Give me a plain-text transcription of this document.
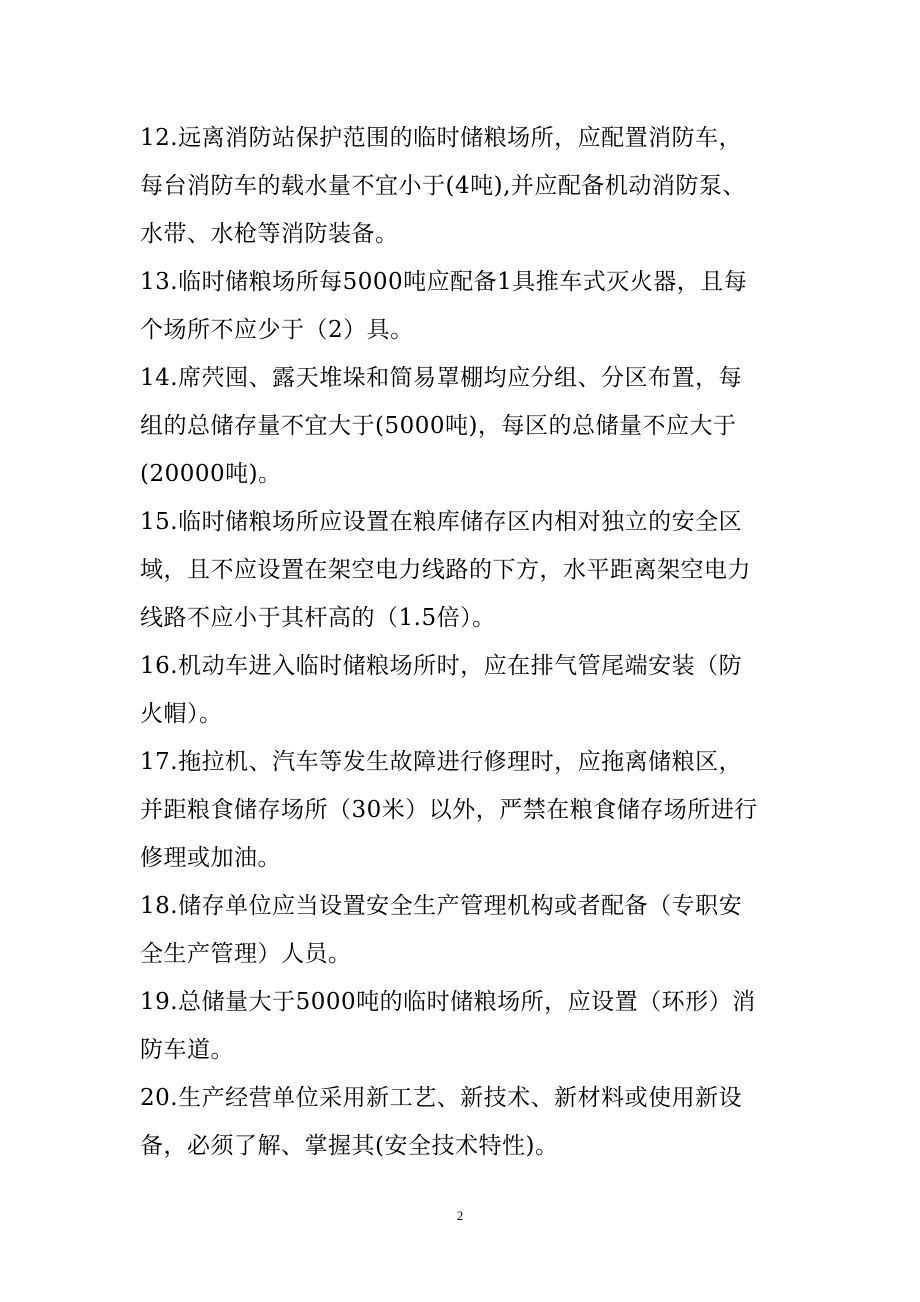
12.远离消防站保护范围的临时储粮场所，应配置消防车，
每台消防车的载水量不宜小于(4吨),并应配备机动消防泵、
水带、水枪等消防装备。

13.临时储粮场所每5000吨应配备1具推车式灭火器，且每
个场所不应少于（2）具。

14.席茓囤、露天堆垛和简易罩棚均应分组、分区布置，每
组的总储存量不宜大于(5000吨)，每区的总储量不应大于
(20000吨)。

15.临时储粮场所应设置在粮库储存区内相对独立的安全区
域，且不应设置在架空电力线路的下方，水平距离架空电力
线路不应小于其杆高的（1.5倍）。

16.机动车进入临时储粮场所时，应在排气管尾端安装（防
火帽）。

17.拖拉机、汽车等发生故障进行修理时，应拖离储粮区，
并距粮食储存场所（30米）以外，严禁在粮食储存场所进行
修理或加油。

18.储存单位应当设置安全生产管理机构或者配备（专职安
全生产管理）人员。

19.总储量大于5000吨的临时储粮场所，应设置（环形）消
防车道。

20.生产经营单位采用新工艺、新技术、新材料或使用新设
备，必须了解、掌握其(安全技术特性)。

2
